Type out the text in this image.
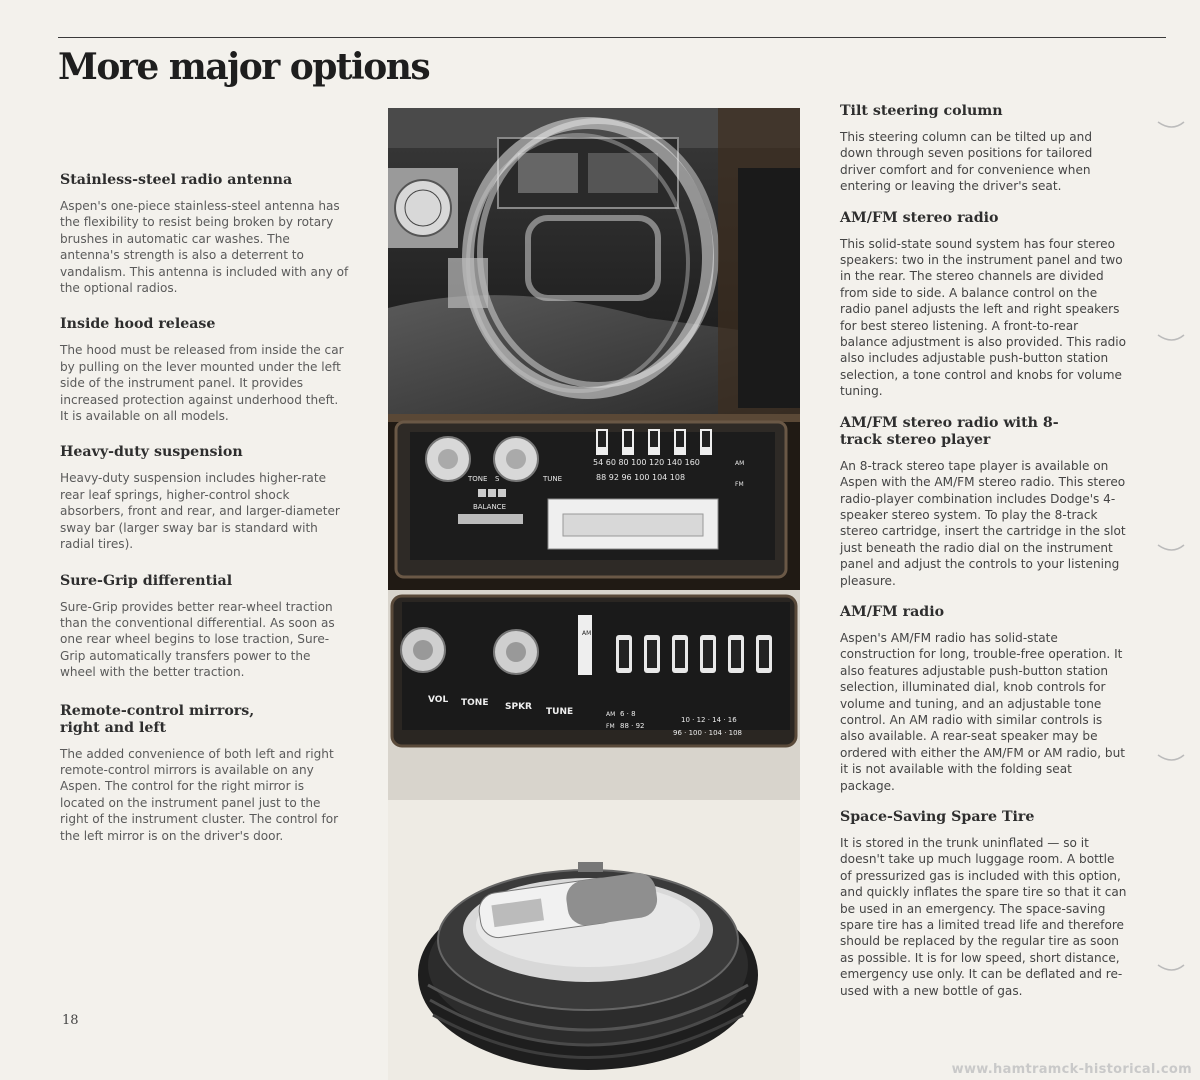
More major options
Stainless-steel radio antenna

Aspen's one-piece stainless-steel antenna has the flexibility to resist being broken by rotary brushes in automatic car washes. The antenna's strength is also a deterrent to vandalism. This antenna is included with any of the optional radios.

Inside hood release

The hood must be released from inside the car by pulling on the lever mounted under the left side of the instrument panel. It provides increased protection against underhood theft. It is available on all models.

Heavy-duty suspension

Heavy-duty suspension includes higher-rate rear leaf springs, higher-control shock absorbers, front and rear, and larger-diameter sway bar (larger sway bar is standard with radial tires).

Sure-Grip differential

Sure-Grip provides better rear-wheel traction than the conventional differential. As soon as one rear wheel begins to lose traction, Sure-Grip automatically transfers power to the wheel with the better traction.

Remote-control mirrors, right and left

The added convenience of both left and right remote-control mirrors is available on any Aspen. The control for the right mirror is located on the instrument panel just to the right of the instrument cluster. The control for the left mirror is on the driver's door.

TONE S	TUNE
BALANCE
54 60 80 100 120 140 160	AM
88 92 96 100 104 108
FM
VOL TONE SPKR TUNE
AM
AM
FM
6 · 8
88 · 92
10 · 12 · 14 · 16
96 · 100 · 104 · 108
Tilt steering column

This steering column can be tilted up and down through seven positions for tailored driver comfort and for convenience when entering or leaving the driver's seat.

AM/FM stereo radio

This solid-state sound system has four stereo speakers: two in the instrument panel and two in the rear. The stereo channels are divided from side to side. A balance control on the radio panel adjusts the left and right speakers for best stereo listening. A front-to-rear balance adjustment is also provided. This radio also includes adjustable push-button station selection, a tone control and knobs for volume tuning.

AM/FM stereo radio with 8-track stereo player

An 8-track stereo tape player is available on Aspen with the AM/FM stereo radio. This stereo radio-player combination includes Dodge's 4-speaker stereo system. To play the 8-track stereo cartridge, insert the cartridge in the slot just beneath the radio dial on the instrument panel and adjust the controls to your listening pleasure.

AM/FM radio

Aspen's AM/FM radio has solid-state construction for long, trouble-free operation. It also features adjustable push-button station selection, illuminated dial, knob controls for volume and tuning, and an adjustable tone control. An AM radio with similar controls is also available. A rear-seat speaker may be ordered with either the AM/FM or AM radio, but it is not available with the folding seat package.

Space-Saving Spare Tire

It is stored in the trunk uninflated — so it doesn't take up much luggage room. A bottle of pressurized gas is included with this option, and quickly inflates the spare tire so that it can be used in an emergency. The space-saving spare tire has a limited tread life and therefore should be replaced by the regular tire as soon as possible. It is for low speed, short distance, emergency use only. It can be deflated and re-used with a new bottle of gas.

18
www.hamtramck-historical.com
